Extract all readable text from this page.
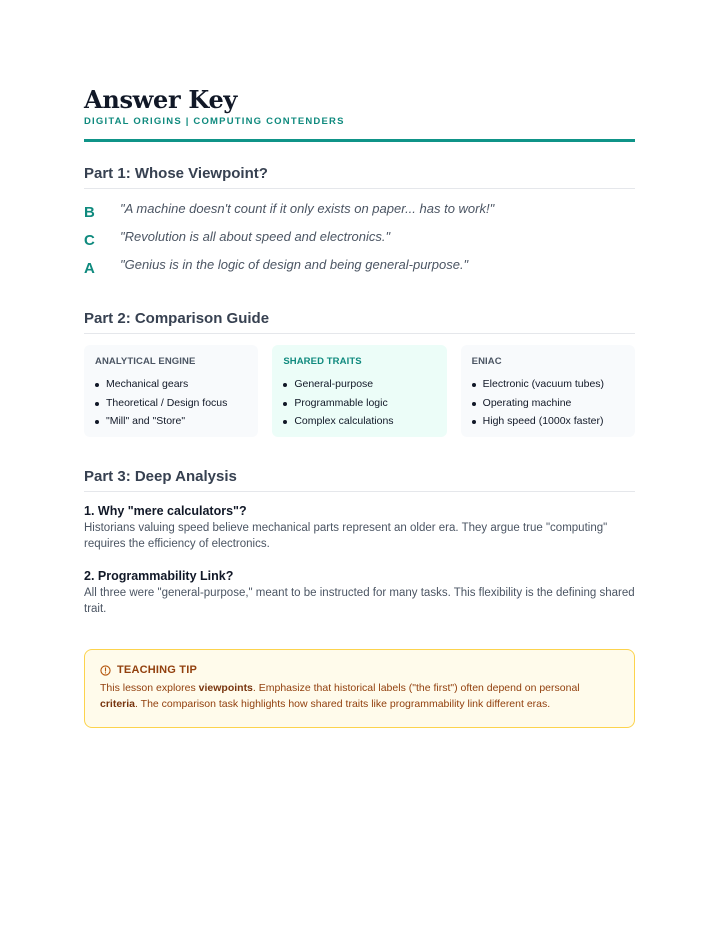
Answer Key
DIGITAL ORIGINS | COMPUTING CONTENDERS
Part 1: Whose Viewpoint?
B	"A machine doesn't count if it only exists on paper... has to work!"
C	"Revolution is all about speed and electronics."
A	"Genius is in the logic of design and being general-purpose."
Part 2: Comparison Guide
ANALYTICAL ENGINE
Mechanical gears
Theoretical / Design focus
"Mill" and "Store"
SHARED TRAITS
General-purpose
Programmable logic
Complex calculations
ENIAC
Electronic (vacuum tubes)
Operating machine
High speed (1000x faster)
Part 3: Deep Analysis
1. Why "mere calculators"?

Historians valuing speed believe mechanical parts represent an older era. They argue true "computing" requires the efficiency of electronics.

2. Programmability Link?

All three were "general-purpose," meant to be instructed for many tasks. This flexibility is the defining shared trait.

TEACHING TIP

This lesson explores viewpoints. Emphasize that historical labels ("the first") often depend on personal criteria. The comparison task highlights how shared traits like programmability link different eras.
